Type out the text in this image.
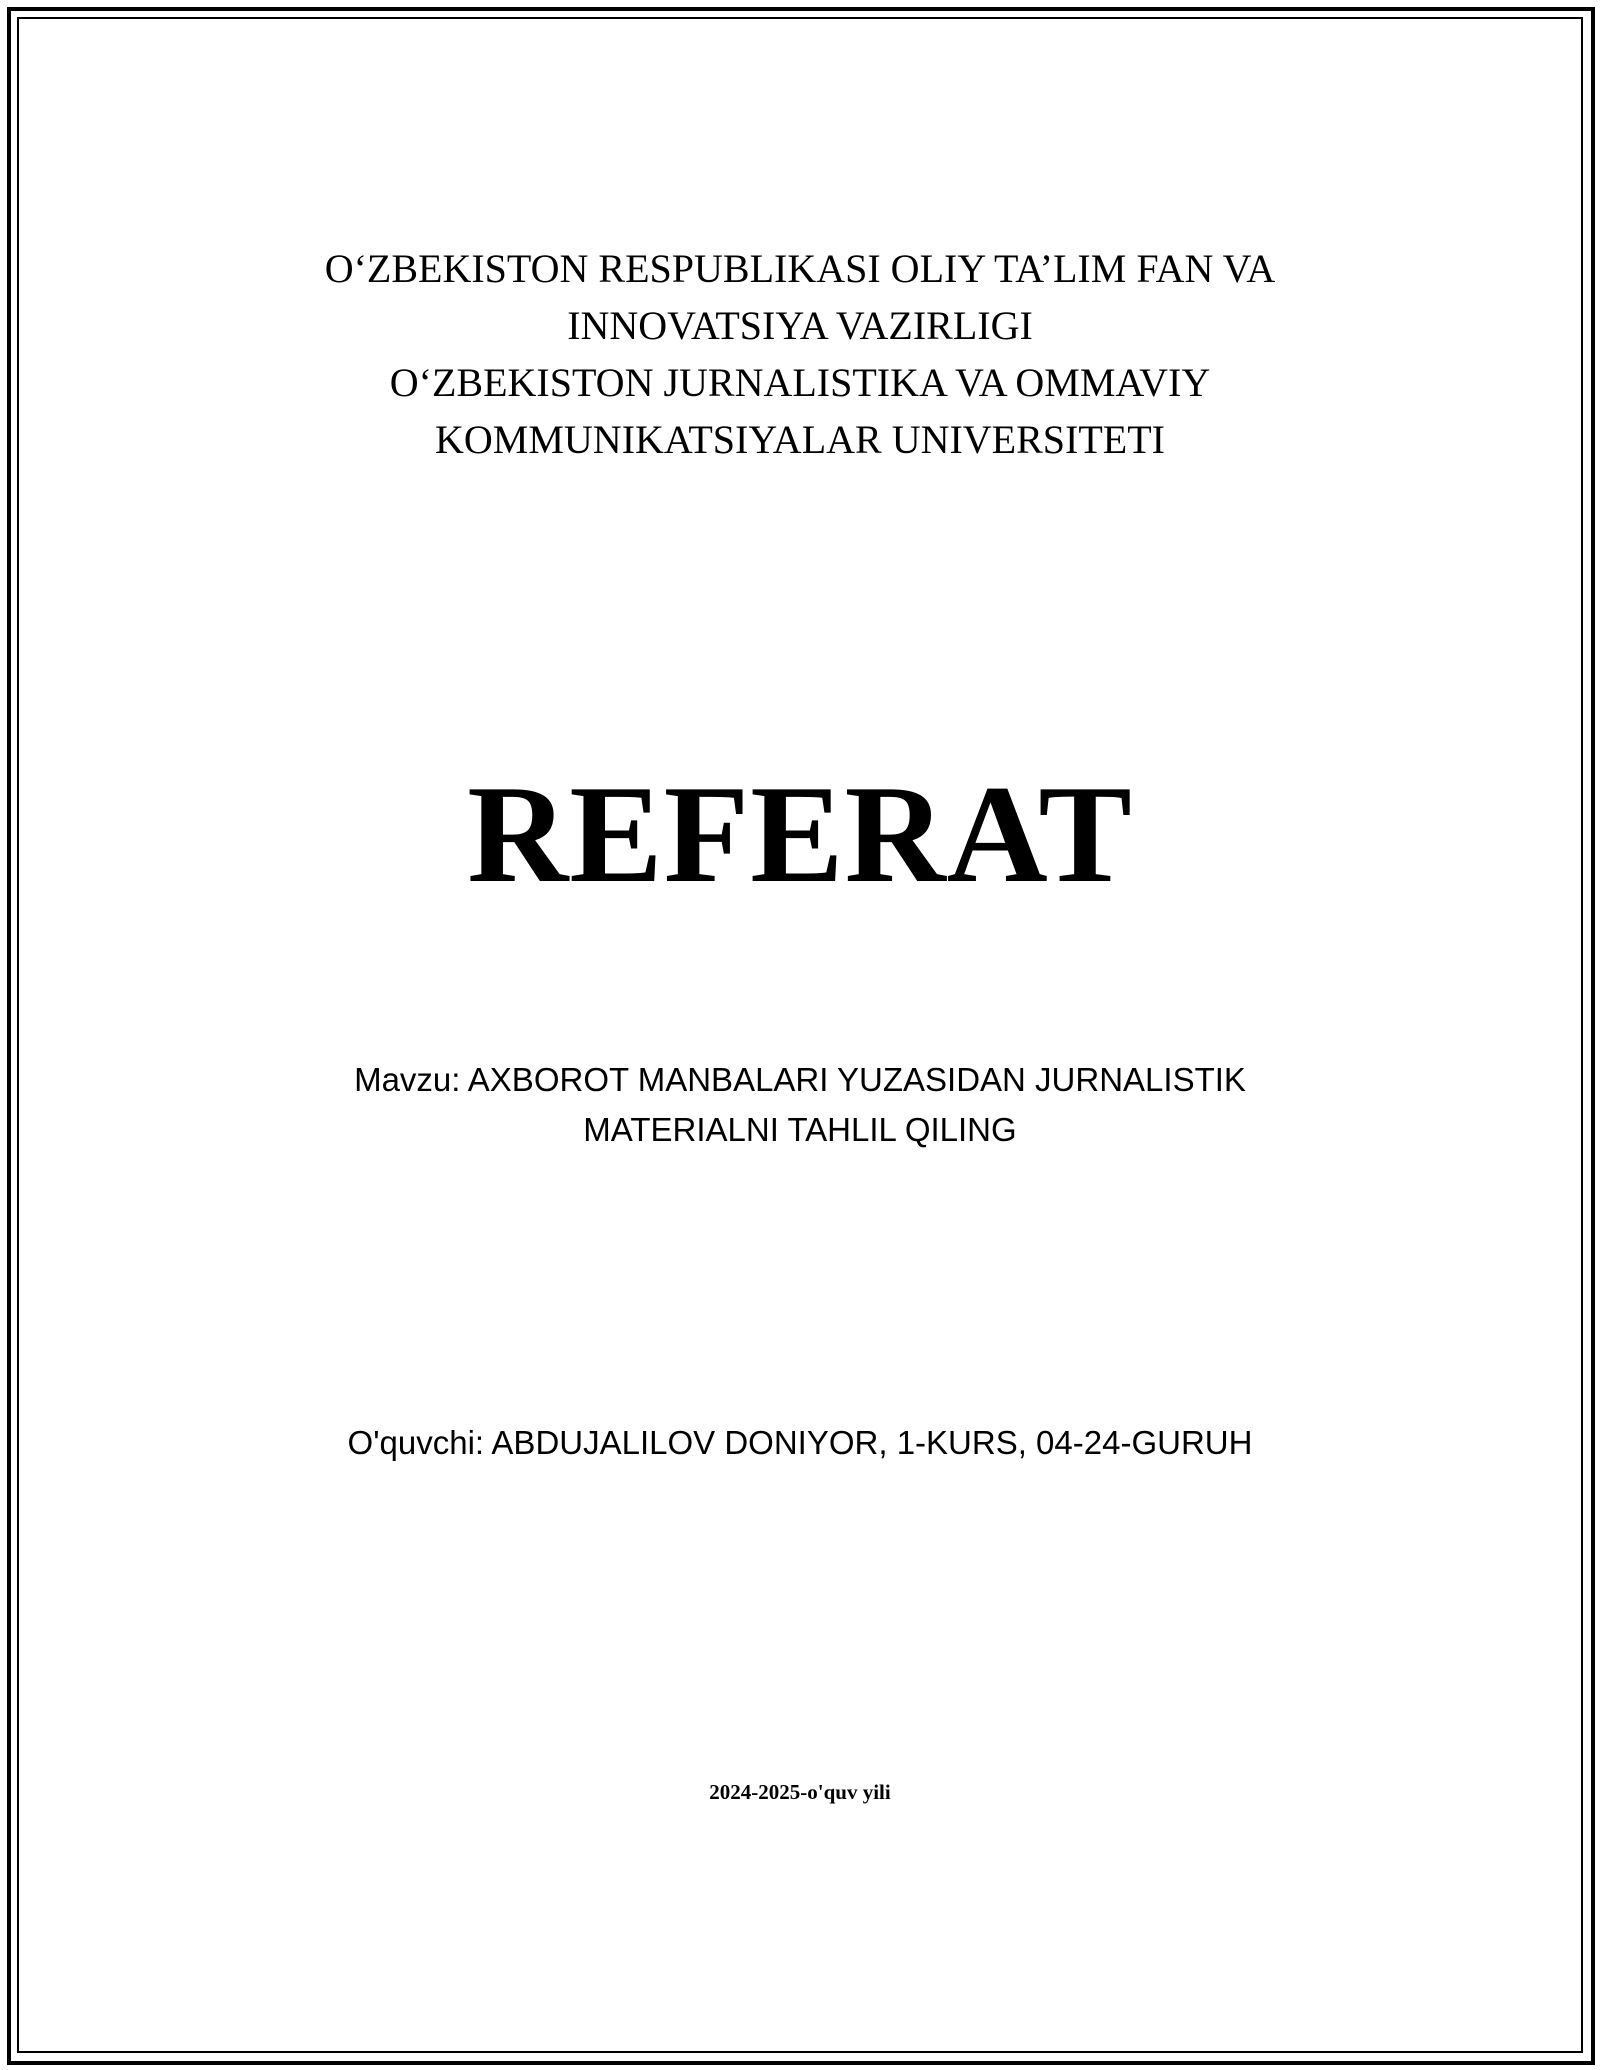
O‘ZBEKISTON RESPUBLIKASI OLIY TA’LIM FAN VA
INNOVATSIYA VAZIRLIGI
O‘ZBEKISTON JURNALISTIKA VA OMMAVIY
KOMMUNIKATSIYALAR UNIVERSITETI
REFERAT
Mavzu: AXBOROT MANBALARI YUZASIDAN JURNALISTIK
MATERIALNI TAHLIL QILING
O'quvchi: ABDUJALILOV DONIYOR, 1-KURS, 04-24-GURUH
2024-2025-o'quv yili
